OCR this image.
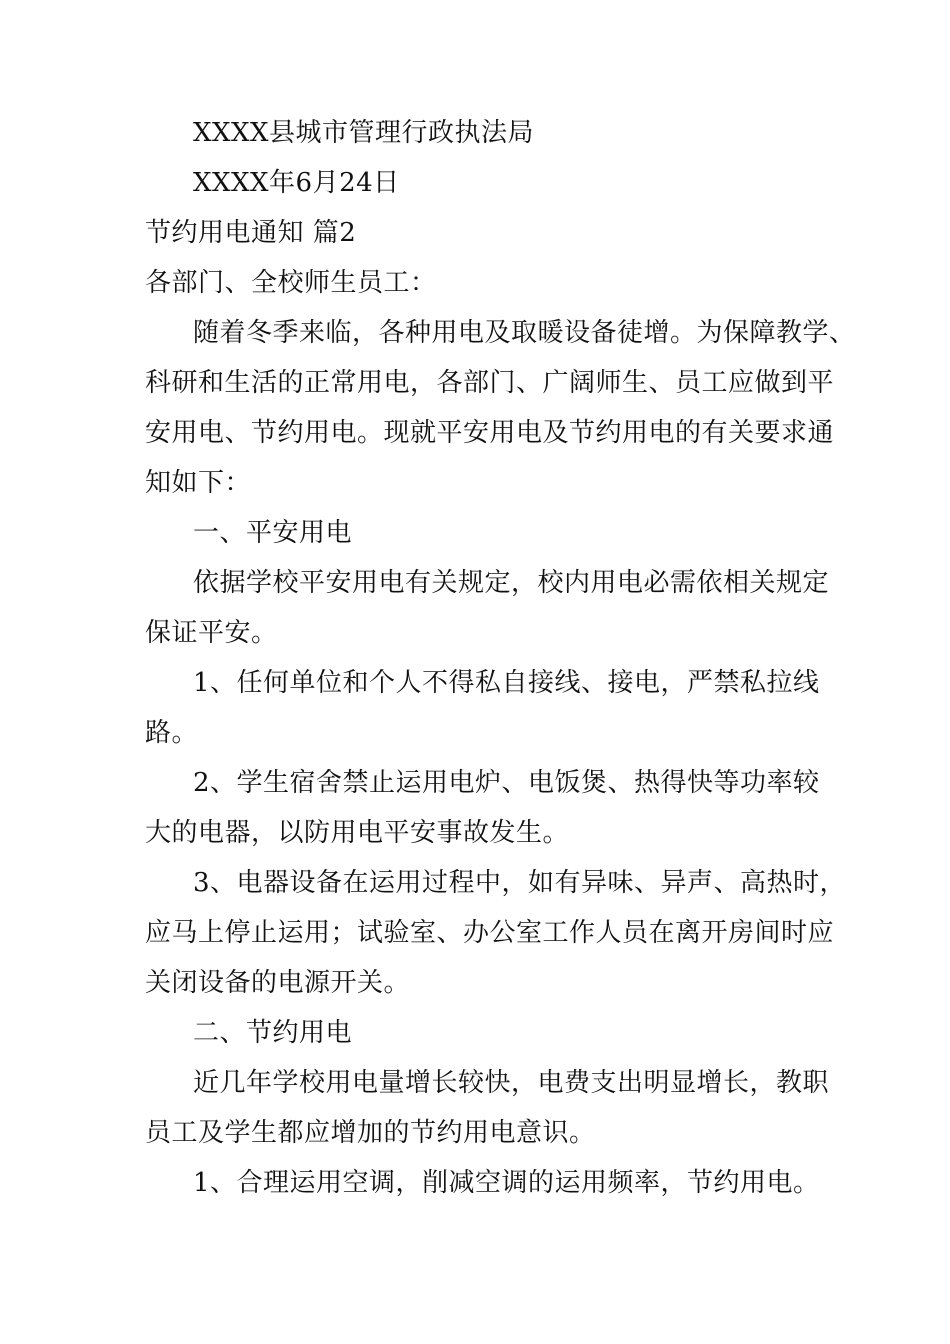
XXXX县城市管理行政执法局
XXXX年6月24日
节约用电通知 篇2
各部门、全校师生员工：
随着冬季来临，各种用电及取暖设备徒增。为保障教学、
科研和生活的正常用电，各部门、广阔师生、员工应做到平
安用电、节约用电。现就平安用电及节约用电的有关要求通
知如下：
一、平安用电
依据学校平安用电有关规定，校内用电必需依相关规定
保证平安。
1、任何单位和个人不得私自接线、接电，严禁私拉线
路。
2、学生宿舍禁止运用电炉、电饭煲、热得快等功率较
大的电器，以防用电平安事故发生。
3、电器设备在运用过程中，如有异味、异声、高热时，
应马上停止运用；试验室、办公室工作人员在离开房间时应
关闭设备的电源开关。
二、节约用电
近几年学校用电量增长较快，电费支出明显增长，教职
员工及学生都应增加的节约用电意识。
1、合理运用空调，削减空调的运用频率，节约用电。
